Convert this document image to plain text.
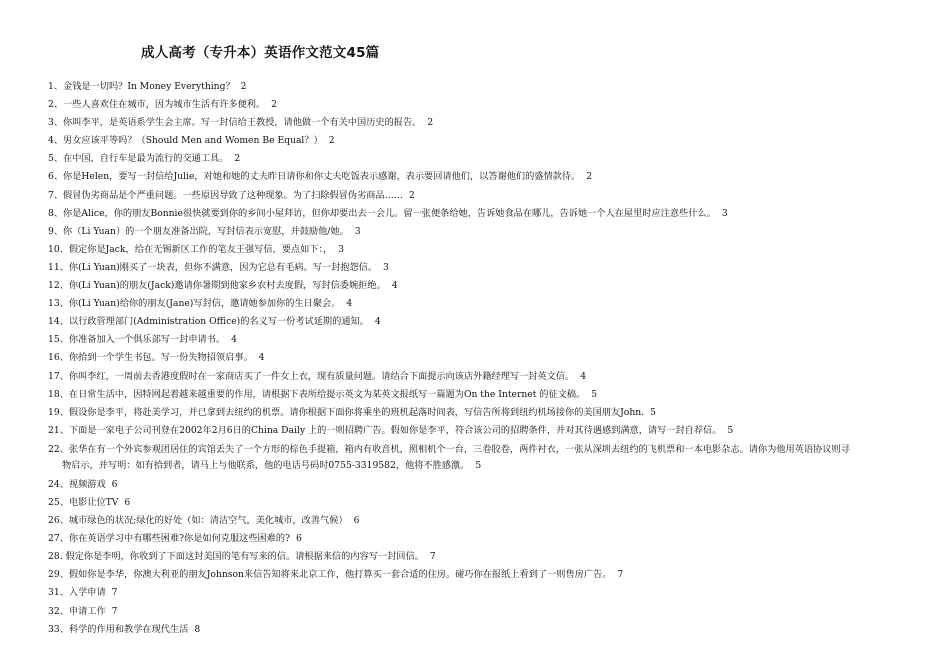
成人高考（专升本）英语作文范文45篇
1、金钱是一切吗？In Money Everything？ 2
2、一些人喜欢住在城市，因为城市生活有许多便利。 2
3、你叫李平，是英语系学生会主席。写一封信给王教授，请他做一个有关中国历史的报告。 2
4、男女应该平等吗？（Should Men and Women Be Equal？） 2
5、在中国，自行车是最为流行的交通工具。 2
6、你是Helen，要写一封信给Julie，对她和她的丈夫昨日请你和你丈夫吃饭表示感谢，表示要回请他们，以答谢他们的盛情款待。 2
7、假冒伪劣商品是个严重问题。一些原因导致了这种现象。为了扫除假冒伪劣商品…… 2
8、你是Alice，你的朋友Bonnie很快就要到你的乡间小屋拜访，但你却要出去一会儿。留一张便条给她，告诉她食品在哪儿，告诉她一个人在屋里时应注意些什么。 3
9、你（Li Yuan）的一个朋友准备出院，写封信表示宽慰，并鼓励他/她。 3
10、假定你是Jack，给在无锡新区工作的笔友王强写信，要点如下：， 3
11、你(Li Yuan)刚买了一块表，但你不满意，因为它总有毛病。写一封抱怨信。 3
12、你(Li Yuan)的朋友(Jack)邀请你暑期到他家乡农村去度假，写封信委婉拒绝。 4
13、你(Li Yuan)给你的朋友(Jane)写封信，邀请她参加你的生日聚会。 4
14、以行政管理部门(Administration Office)的名义写一份考试延期的通知。 4
15、你准备加入一个俱乐部写一封申请书。 4
16、你拾到一个学生书包。写一份失物招领启事。 4
17、你叫李红，一周前去香港度假时在一家商店买了一件女上衣，现有质量问题。请结合下面提示向该店外籍经理写一封英文信。 4
18、在日常生活中，因特网起着越来越重要的作用，请根据下表所给提示英文为某英文报纸写一篇题为On the Internet 的征文稿。 5
19、假设你是李平，将赴美学习，并已拿到去纽约的机票。请你根据下面你将乘坐的班机起落时间表，写信告所将到纽约机场接你的美国朋友John. 5
21、下面是一家电子公司刊登在2002年2月6日的China Daily 上的一则招聘广告。假如你是李平，符合该公司的招聘条件，并对其待遇感到满意，请写一封自荐信。 5
22、张华在有一个外宾参观团居住的宾馆丢失了一个方形的棕色手提箱，箱内有收音机，照相机个一台，三卷胶卷，两件衬衣，一张从深圳去纽约的飞机票和一本电影杂志。请你为他用英语协议则寻
物启示，并写明：如有拾到者，请马上与他联系，他的电话号码时0755-3319582，他将不胜感激。 5
24、视频游戏 6
25、电影让位TV 6
26、城市绿色的状况;绿化的好处（如：清洁空气，美化城市，改善气候） 6
27、你在英语学习中有哪些困难?你是如何克服这些困难的? 6
28. 假定你是李明，你收到了下面这封美国的笔有写来的信。请根据来信的内容写一封回信。 7
29、假如你是李华，你澳大利亚的朋友Johnson来信告知将来北京工作，他打算买一套合适的住房。碰巧你在报纸上看到了一则售房广告。 7
31、入学申请 7
32、申请工作 7
33、科学的作用和教学在现代生活 8
